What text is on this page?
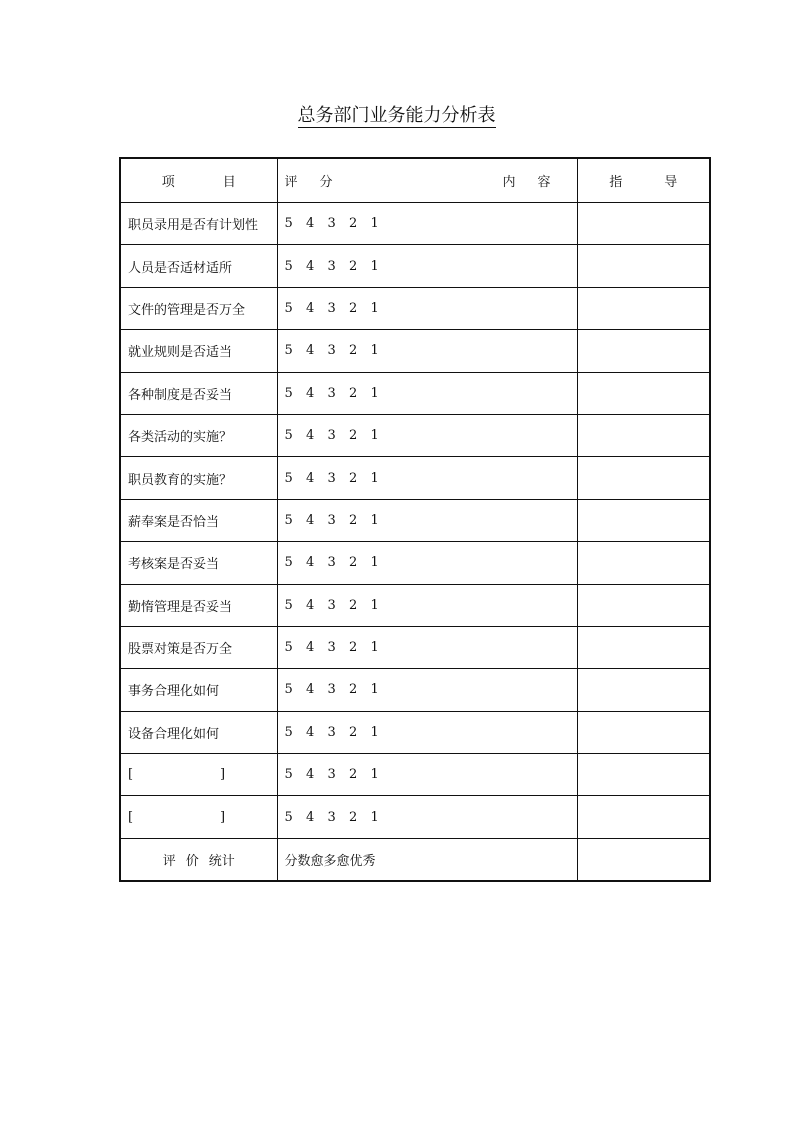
总务部门业务能力分析表
项 目	评 分 内 容	指 导
职员录用是否有计划性	5 4 3 2 1	
人员是否适材适所	5 4 3 2 1	
文件的管理是否万全	5 4 3 2 1	
就业规则是否适当	5 4 3 2 1	
各种制度是否妥当	5 4 3 2 1	
各类活动的实施？	5 4 3 2 1	
职员教育的实施？	5 4 3 2 1	
薪奉案是否恰当	5 4 3 2 1	
考核案是否妥当	5 4 3 2 1	
勤惰管理是否妥当	5 4 3 2 1	
股票对策是否万全	5 4 3 2 1	
事务合理化如何	5 4 3 2 1	
设备合理化如何	5 4 3 2 1	
[ ]	5 4 3 2 1	
[ ]	5 4 3 2 1	
评 价 统计	分数愈多愈优秀	
